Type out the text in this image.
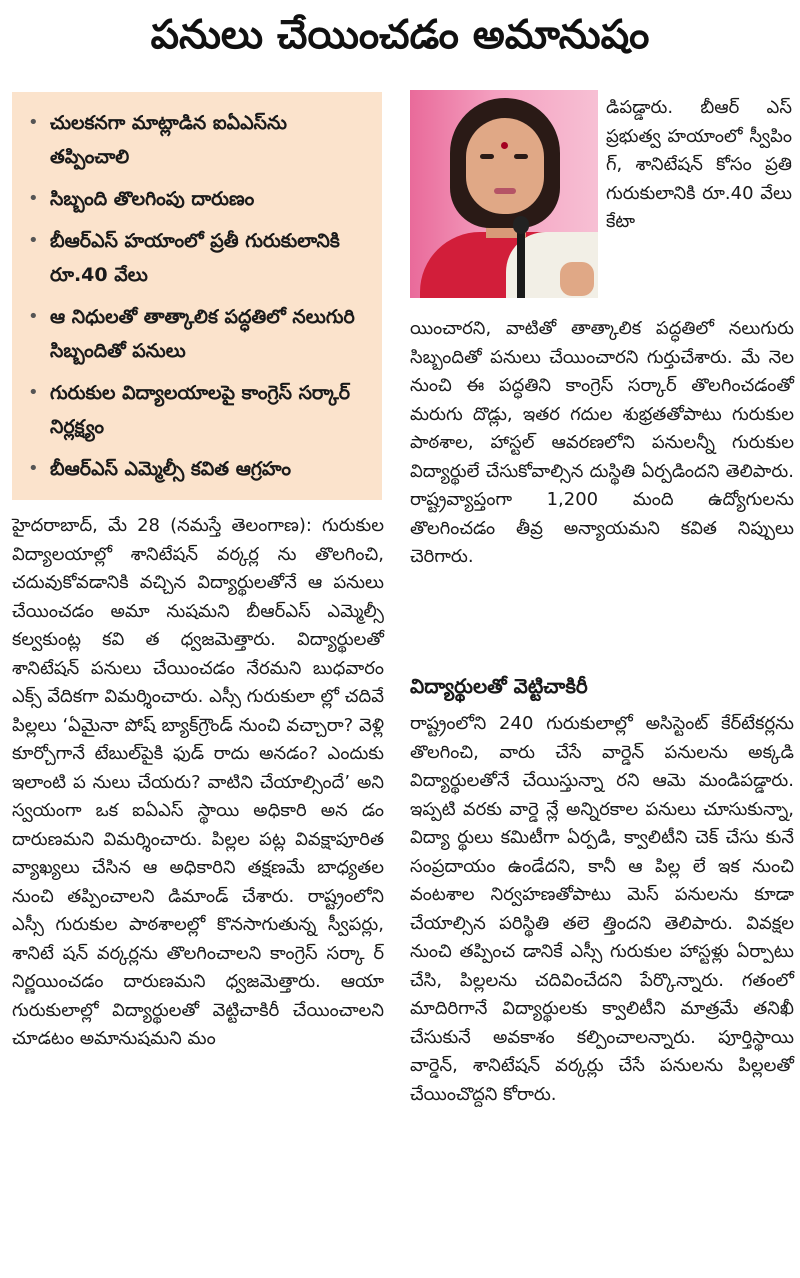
పనులు చేయించడం అమానుషం
• చులకనగా మాట్లాడిన ఐఏఎస్‌ను తప్పించాలి
• సిబ్బంది తొలగింపు దారుణం
• బీఆర్‌ఎస్ హయాంలో ప్రతీ గురుకులానికి రూ.40 వేలు
• ఆ నిధులతో తాత్కాలిక పద్ధతిలో నలుగురి సిబ్బందితో పనులు
• గురుకుల విద్యాలయాలపై కాంగ్రెస్ సర్కార్ నిర్లక్ష్యం
• బీఆర్‌ఎస్ ఎమ్మెల్సీ కవిత ఆగ్రహం

డిపడ్డారు. బీఆర్ ఎస్ ప్రభుత్వ హయాంలో స్వీపిం గ్, శానిటేషన్ కోసం ప్రతి గురుకులానికి రూ.40 వేలు కేటా

యించారని, వాటితో తాత్కాలిక పద్ధతిలో నలుగురు సిబ్బందితో పనులు చేయించారని గుర్తుచేశారు. మే నెల నుంచి ఈ పద్ధతిని కాంగ్రెస్ సర్కార్ తొలగించడంతో మరుగు దొడ్లు, ఇతర గదుల శుభ్రతతోపాటు గురుకుల పాఠశాల, హాస్టల్ ఆవరణలోని పనులన్నీ గురుకుల విద్యార్థులే చేసుకోవాల్సిన దుస్థితి ఏర్పడిందని తెలిపారు. రాష్ట్రవ్యాప్తంగా 1,200 మంది ఉద్యోగులను తొలగించడం తీవ్ర అన్యాయమని కవిత నిప్పులు చెరిగారు.

హైదరాబాద్, మే 28 (నమస్తే తెలంగాణ): గురుకుల విద్యాలయాల్లో శానిటేషన్ వర్కర్ల ను తొలగించి, చదువుకోవడానికి వచ్చిన విద్యార్థులతోనే ఆ పనులు చేయించడం అమా నుషమని బీఆర్‌ఎస్ ఎమ్మెల్సీ కల్వకుంట్ల కవి త ధ్వజమెత్తారు. విద్యార్థులతో శానిటేషన్ పనులు చేయించడం నేరమని బుధవారం ఎక్స్ వేదికగా విమర్శించారు. ఎస్సీ గురుకులా ల్లో చదివే పిల్లలు ‘ఏమైనా పోష్ బ్యాక్‌గ్రౌండ్ నుంచి వచ్చారా? వెళ్లి కూర్చోగానే టేబుల్‌పైకి ఫుడ్ రాదు అనడం? ఎందుకు ఇలాంటి ప నులు చేయరు? వాటిని చేయాల్సిందే’ అని స్వయంగా ఒక ఐఏఎస్ స్థాయి అధికారి అన డం దారుణమని విమర్శించారు. పిల్లల పట్ల వివక్షాపూరిత వ్యాఖ్యలు చేసిన ఆ అధికారిని తక్షణమే బాధ్యతల నుంచి తప్పించాలని డిమాండ్ చేశారు. రాష్ట్రంలోని ఎస్సీ గురుకుల పాఠశాలల్లో కొనసాగుతున్న స్వీపర్లు, శానిటే షన్ వర్కర్లను తొలగించాలని కాంగ్రెస్ సర్కా ర్ నిర్ణయించడం దారుణమని ధ్వజమెత్తారు. ఆయా గురుకులాల్లో విద్యార్థులతో వెట్టిచాకిరీ చేయించాలని చూడటం అమానుషమని మం

విద్యార్థులతో వెట్టిచాకిరీ

రాష్ట్రంలోని 240 గురుకులాల్లో అసిస్టెంట్ కేర్‌టేకర్లను తొలగించి, వారు చేసే వార్డెన్ పనులను అక్కడి విద్యార్థులతోనే చేయిస్తున్నా రని ఆమె మండిపడ్డారు. ఇప్పటి వరకు వార్డె న్లే అన్నిరకాల పనులు చూసుకున్నా, విద్యా ర్థులు కమిటీగా ఏర్పడి, క్వాలిటీని చెక్ చేసు కునే సంప్రదాయం ఉండేదని, కానీ ఆ పిల్ల లే ఇక నుంచి వంటశాల నిర్వహణతోపాటు మెస్ పనులను కూడా చేయాల్సిన పరిస్థితి తలె త్తిందని తెలిపారు. వివక్షల నుంచి తప్పించ డానికే ఎస్సీ గురుకుల హాస్టళ్లు ఏర్పాటు చేసి, పిల్లలను చదివించేదని పేర్కొన్నారు. గతంలో మాదిరిగానే విద్యార్థులకు క్వాలిటీని మాత్రమే తనిఖీ చేసుకునే అవకాశం కల్పించాలన్నారు. పూర్తిస్థాయి వార్డెన్, శానిటేషన్ వర్కర్లు చేసే పనులను పిల్లలతో చేయించొద్దని కోరారు.
